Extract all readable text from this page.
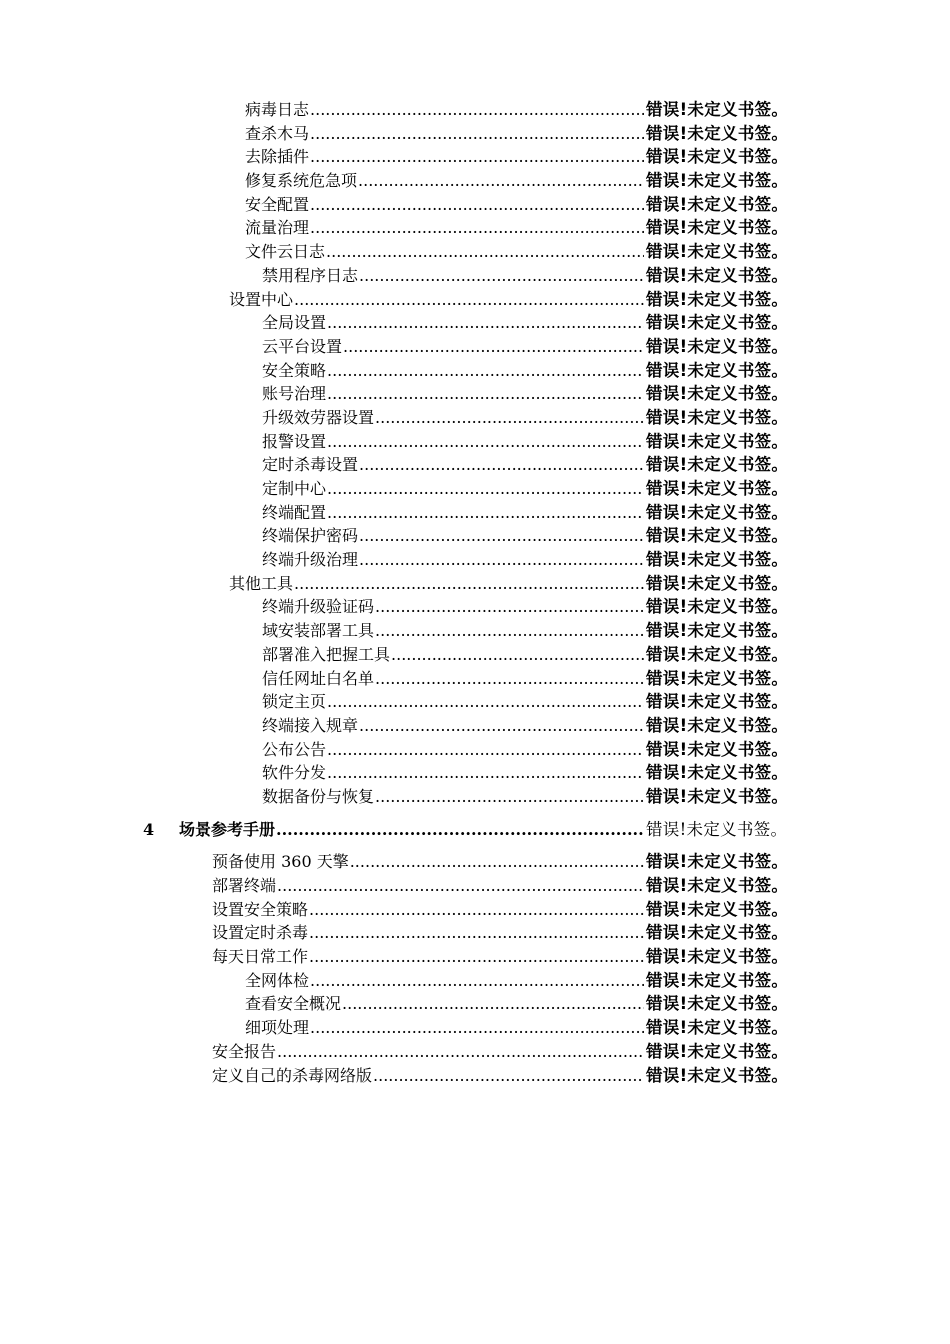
病毒日志 .....	错误!未定义书签。
查杀木马 .....	错误!未定义书签。
去除插件 .....	错误!未定义书签。
修复系统危急项 .....	错误!未定义书签。
安全配置 .....	错误!未定义书签。
流量治理 .....	错误!未定义书签。
文件云日志 .....	错误!未定义书签。
禁用程序日志 .....	错误!未定义书签。
设置中心 .....	错误!未定义书签。
全局设置 .....	错误!未定义书签。
云平台设置 .....	错误!未定义书签。
安全策略 .....	错误!未定义书签。
账号治理 .....	错误!未定义书签。
升级效劳器设置 .....	错误!未定义书签。
报警设置 .....	错误!未定义书签。
定时杀毒设置 .....	错误!未定义书签。
定制中心 .....	错误!未定义书签。
终端配置 .....	错误!未定义书签。
终端保护密码 .....	错误!未定义书签。
终端升级治理 .....	错误!未定义书签。
其他工具 .....	错误!未定义书签。
终端升级验证码 .....	错误!未定义书签。
域安装部署工具 .....	错误!未定义书签。
部署准入把握工具 .....	错误!未定义书签。
信任网址白名单 .....	错误!未定义书签。
锁定主页 .....	错误!未定义书签。
终端接入规章 .....	错误!未定义书签。
公布公告 .....	错误!未定义书签。
软件分发 .....	错误!未定义书签。
数据备份与恢复 .....	错误!未定义书签。
4 场景参考手册 .....	错误!未定义书签。
预备使用 360 天擎 .....	错误!未定义书签。
部署终端 .....	错误!未定义书签。
设置安全策略 .....	错误!未定义书签。
设置定时杀毒 .....	错误!未定义书签。
每天日常工作 .....	错误!未定义书签。
全网体检 .....	错误!未定义书签。
查看安全概况 .....	错误!未定义书签。
细项处理 .....	错误!未定义书签。
安全报告 .....	错误!未定义书签。
定义自己的杀毒网络版 .....	错误!未定义书签。
